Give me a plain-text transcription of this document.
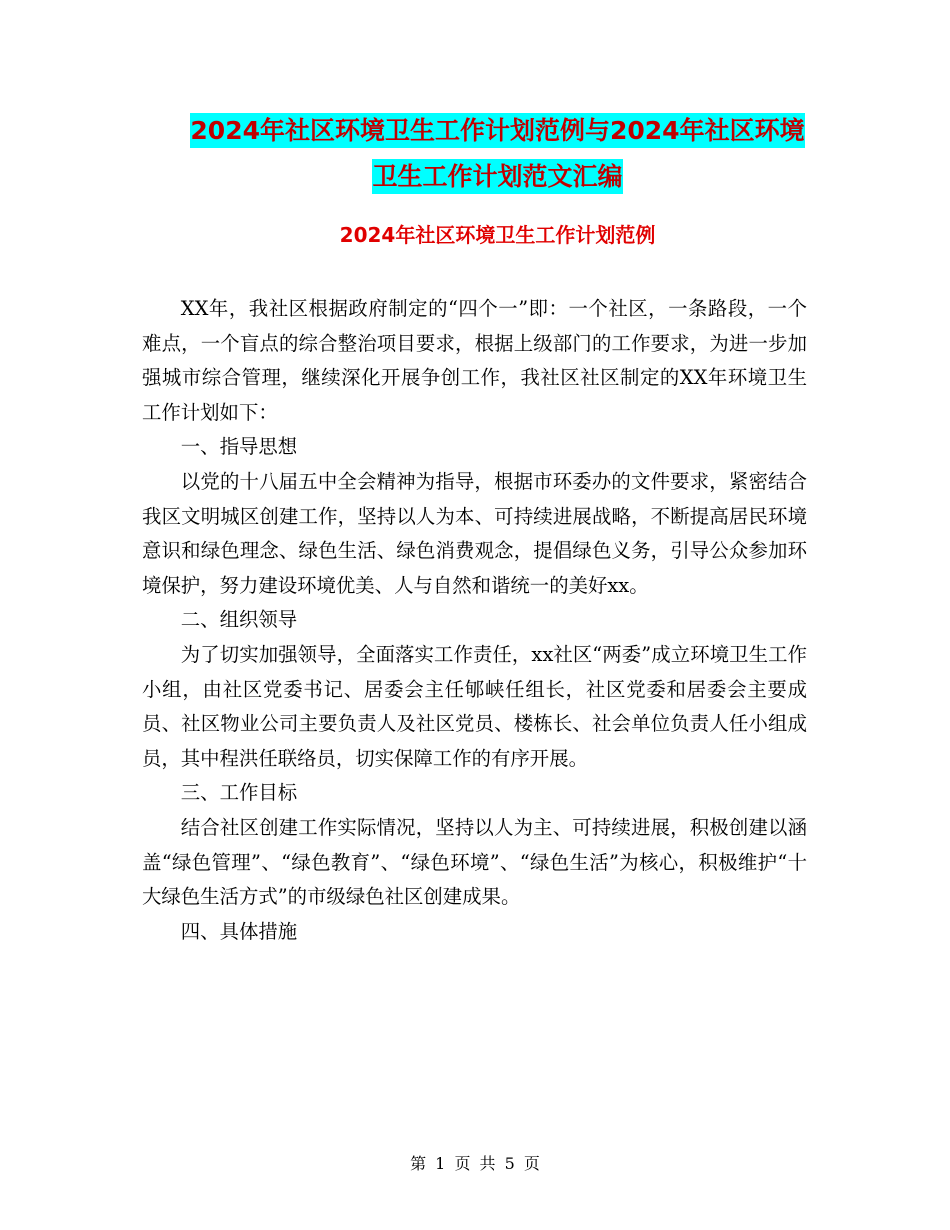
2024年社区环境卫生工作计划范例与2024年社区环境
卫生工作计划范文汇编
2024年社区环境卫生工作计划范例

XX年，我社区根据政府制定的“四个一”即：一个社区，一条路段，一个难点，一个盲点的综合整治项目要求，根据上级部门的工作要求，为进一步加强城市综合管理，继续深化开展争创工作，我社区社区制定的XX年环境卫生工作计划如下：

一、指导思想

以党的十八届五中全会精神为指导，根据市环委办的文件要求，紧密结合我区文明城区创建工作，坚持以人为本、可持续进展战略，不断提高居民环境意识和绿色理念、绿色生活、绿色消费观念，提倡绿色义务，引导公众参加环境保护，努力建设环境优美、人与自然和谐统一的美好xx。

二、组织领导

为了切实加强领导，全面落实工作责任，xx社区“两委”成立环境卫生工作小组，由社区党委书记、居委会主任郇峡任组长，社区党委和居委会主要成员、社区物业公司主要负责人及社区党员、楼栋长、社会单位负责人任小组成员，其中程洪任联络员，切实保障工作的有序开展。

三、工作目标

结合社区创建工作实际情况，坚持以人为主、可持续进展，积极创建以涵盖“绿色管理”、“绿色教育”、“绿色环境”、“绿色生活”为核心，积极维护“十大绿色生活方式”的市级绿色社区创建成果。

四、具体措施

第 1 页 共 5 页
